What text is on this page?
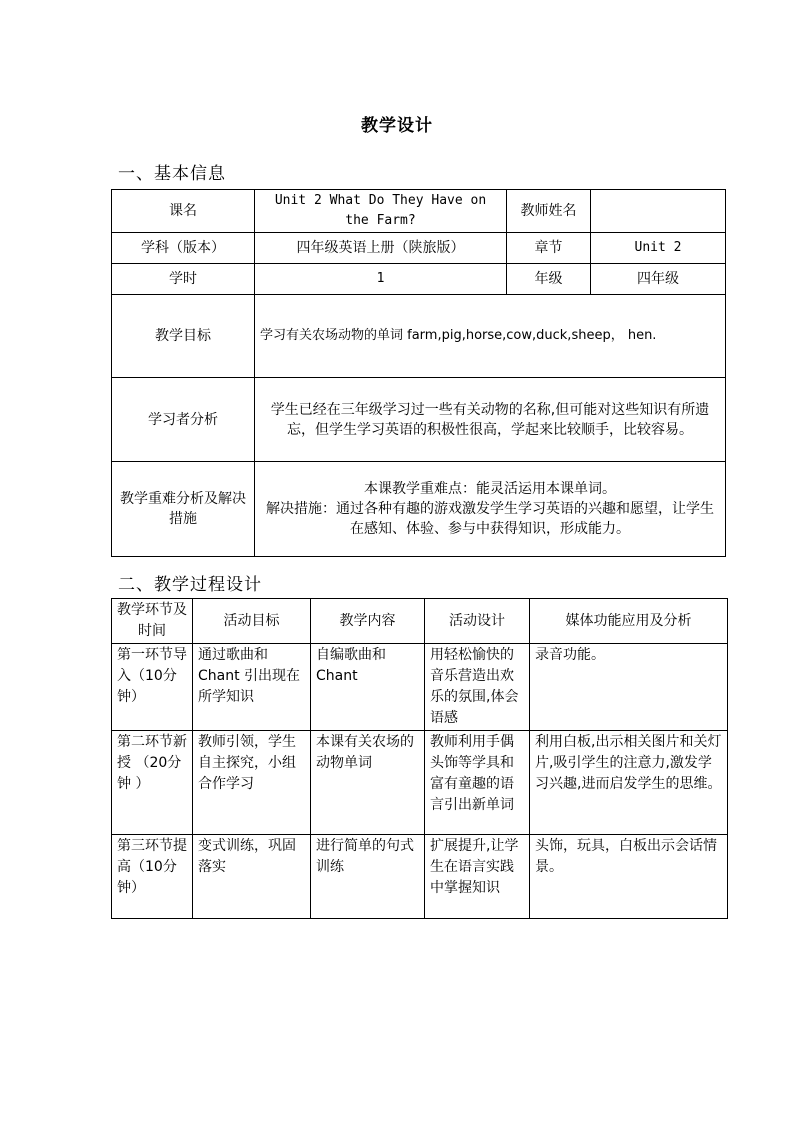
教学设计
一、基本信息
课名	Unit 2 What Do They Have on the Farm?	教师姓名	
学科（版本）	四年级英语上册（陕旅版）	章节	Unit 2
学时	1	年级	四年级
教学目标	学习有关农场动物的单词 farm,pig,horse,cow,duck,sheep， hen.		
学习者分析	学生已经在三年级学习过一些有关动物的名称,但可能对这些知识有所遗忘，但学生学习英语的积极性很高，学起来比较顺手，比较容易。		
教学重难分析及解决措施	本课教学重难点：能灵活运用本课单词。
解决措施：通过各种有趣的游戏激发学生学习英语的兴趣和愿望，让学生在感知、体验、参与中获得知识，形成能力。		
二、教学过程设计
教学环节及时间	活动目标	教学内容	活动设计	媒体功能应用及分析
第一环节导入（10分钟）	通过歌曲和Chant 引出现在所学知识	自编歌曲和Chant	用轻松愉快的音乐营造出欢乐的氛围,体会语感	录音功能。
第二环节新授 （20分钟 ）	教师引领，学生自主探究，小组合作学习	本课有关农场的动物单词	教师利用手偶头饰等学具和富有童趣的语言引出新单词	利用白板,出示相关图片和关灯片,吸引学生的注意力,激发学习兴趣,进而启发学生的思维。
第三环节提高（10分钟）	变式训练，巩固落实	进行简单的句式训练	扩展提升,让学生在语言实践中掌握知识	头饰，玩具，白板出示会话情景。
